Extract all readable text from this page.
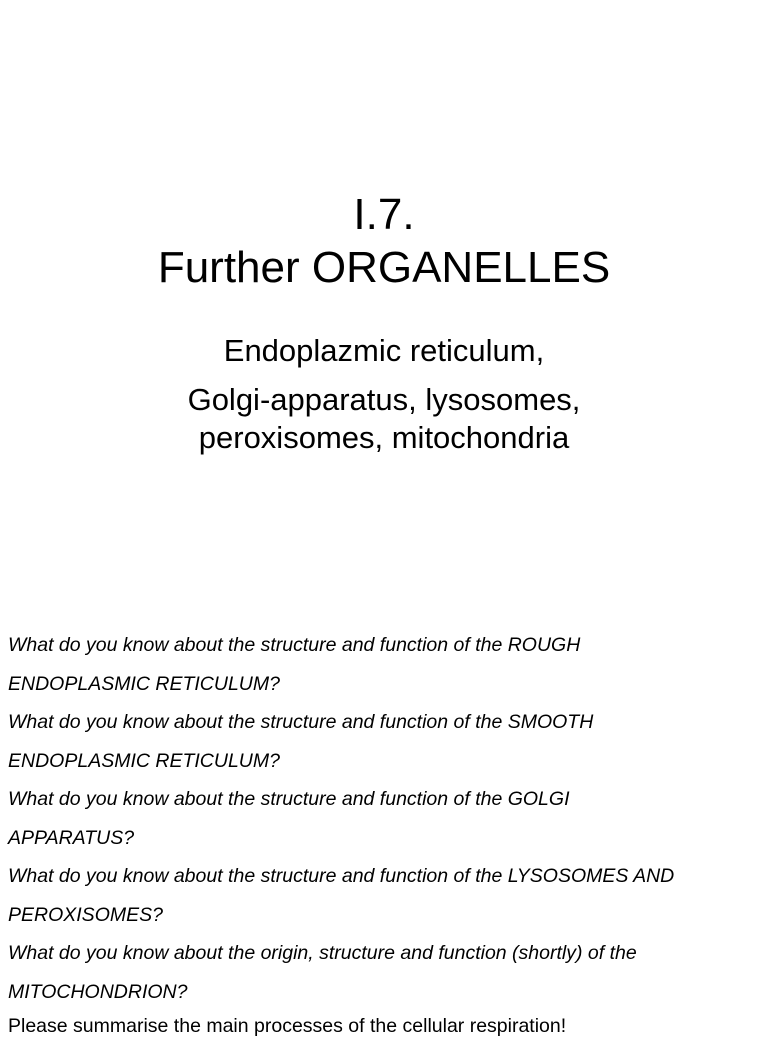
I.7.
Further ORGANELLES
Endoplazmic reticulum,
Golgi-apparatus, lysosomes,
peroxisomes, mitochondria
What do you know about the structure and function of the ROUGH
ENDOPLASMIC RETICULUM?
What do you know about the structure and function of the SMOOTH
ENDOPLASMIC RETICULUM?
What do you know about the structure and function of the GOLGI
APPARATUS?
What do you know about the structure and function of the LYSOSOMES AND
PEROXISOMES?
What do you know about the origin, structure and function (shortly) of the
MITOCHONDRION?
Please summarise the main processes of the cellular respiration!
